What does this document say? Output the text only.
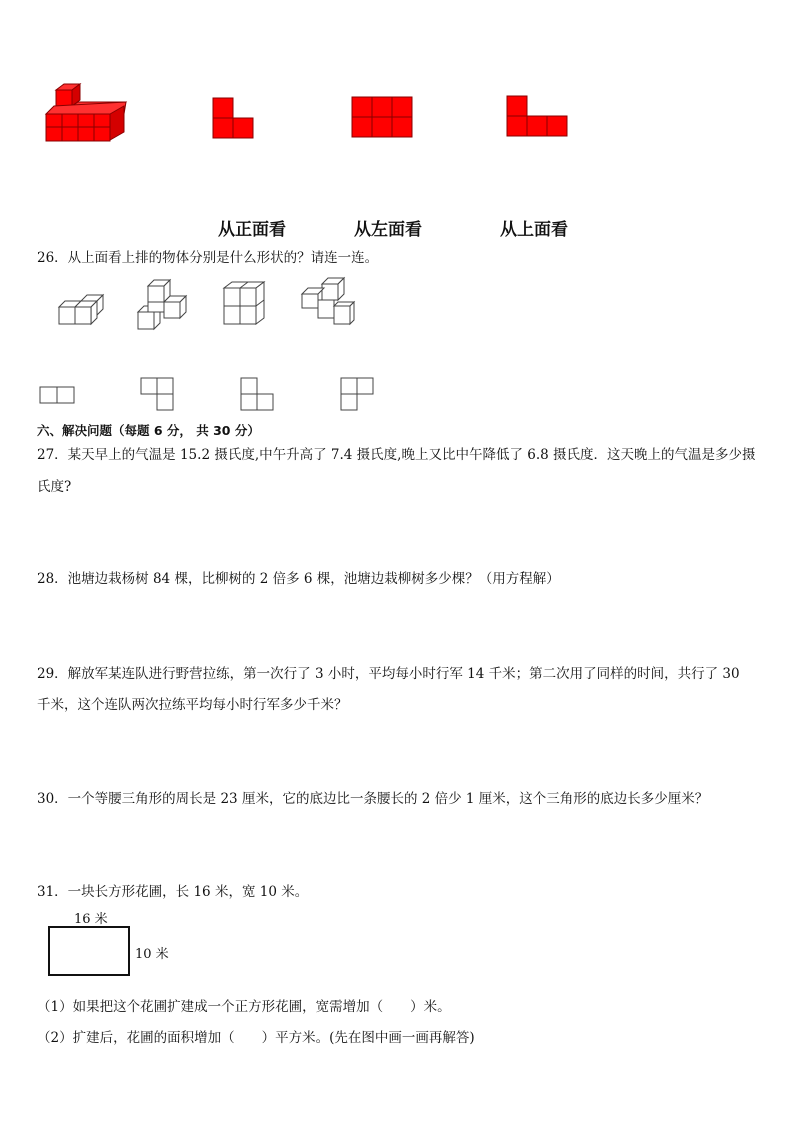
从正面看	从左面看	从上面看
26．从上面看上排的物体分别是什么形状的？请连一连。
六、解决问题（每题 6 分， 共 30 分）
27．某天早上的气温是 15.2 摄氏度,中午升高了 7.4 摄氏度,晚上又比中午降低了 6.8 摄氏度．这天晚上的气温是多少摄
氏度?
28．池塘边栽杨树 84 棵，比柳树的 2 倍多 6 棵，池塘边栽柳树多少棵？（用方程解）
29．解放军某连队进行野营拉练，第一次行了 3 小时，平均每小时行军 14 千米；第二次用了同样的时间，共行了 30
千米，这个连队两次拉练平均每小时行军多少千米？
30．一个等腰三角形的周长是 23 厘米，它的底边比一条腰长的 2 倍少 1 厘米，这个三角形的底边长多少厘米？
31．一块长方形花圃，长 16 米，宽 10 米。
16 米
10 米
（1）如果把这个花圃扩建成一个正方形花圃，宽需增加（　　）米。
（2）扩建后，花圃的面积增加（　　）平方米。(先在图中画一画再解答)
